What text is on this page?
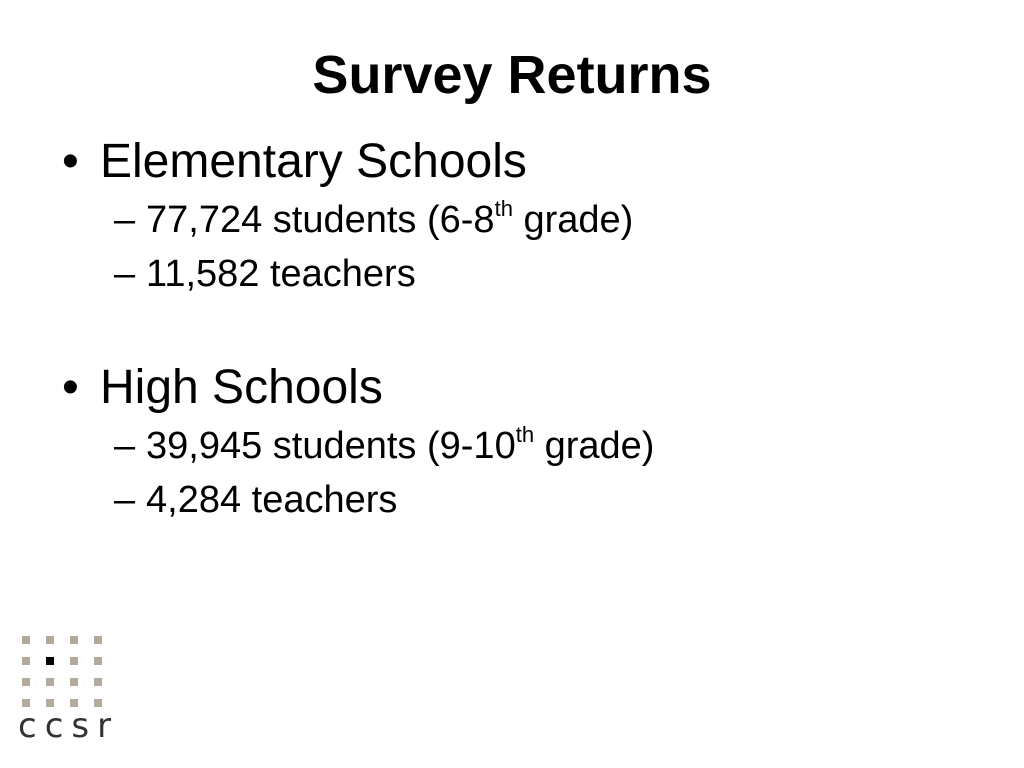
Survey Returns
• Elementary Schools
– 77,724 students (6-8th grade)
– 11,582 teachers
• High Schools
– 39,945 students (9-10th grade)
– 4,284 teachers
ccsr
